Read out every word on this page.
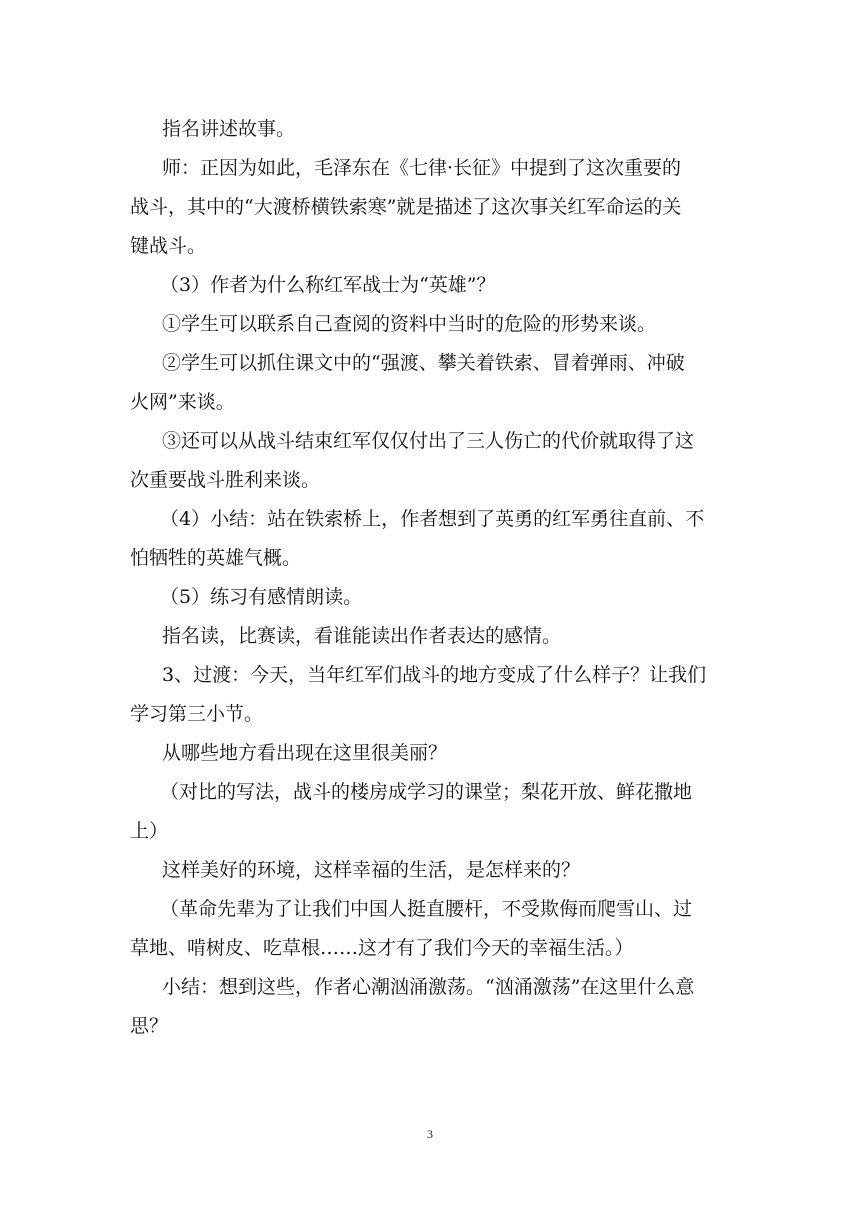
指名讲述故事。
师：正因为如此，毛泽东在《七律·长征》中提到了这次重要的
战斗，其中的“大渡桥横铁索寒”就是描述了这次事关红军命运的关
键战斗。
（3）作者为什么称红军战士为“英雄”？
①学生可以联系自己查阅的资料中当时的危险的形势来谈。
②学生可以抓住课文中的“强渡、攀关着铁索、冒着弹雨、冲破
火网”来谈。
③还可以从战斗结束红军仅仅付出了三人伤亡的代价就取得了这
次重要战斗胜利来谈。
（4）小结：站在铁索桥上，作者想到了英勇的红军勇往直前、不
怕牺牲的英雄气概。
（5）练习有感情朗读。
指名读，比赛读，看谁能读出作者表达的感情。
3、过渡：今天，当年红军们战斗的地方变成了什么样子？让我们
学习第三小节。
从哪些地方看出现在这里很美丽？
（对比的写法，战斗的楼房成学习的课堂；梨花开放、鲜花撒地
上）
这样美好的环境，这样幸福的生活，是怎样来的？
（革命先辈为了让我们中国人挺直腰杆，不受欺侮而爬雪山、过
草地、啃树皮、吃草根……这才有了我们今天的幸福生活。）
小结：想到这些，作者心潮汹涌激荡。“汹涌激荡”在这里什么意
思？
3
